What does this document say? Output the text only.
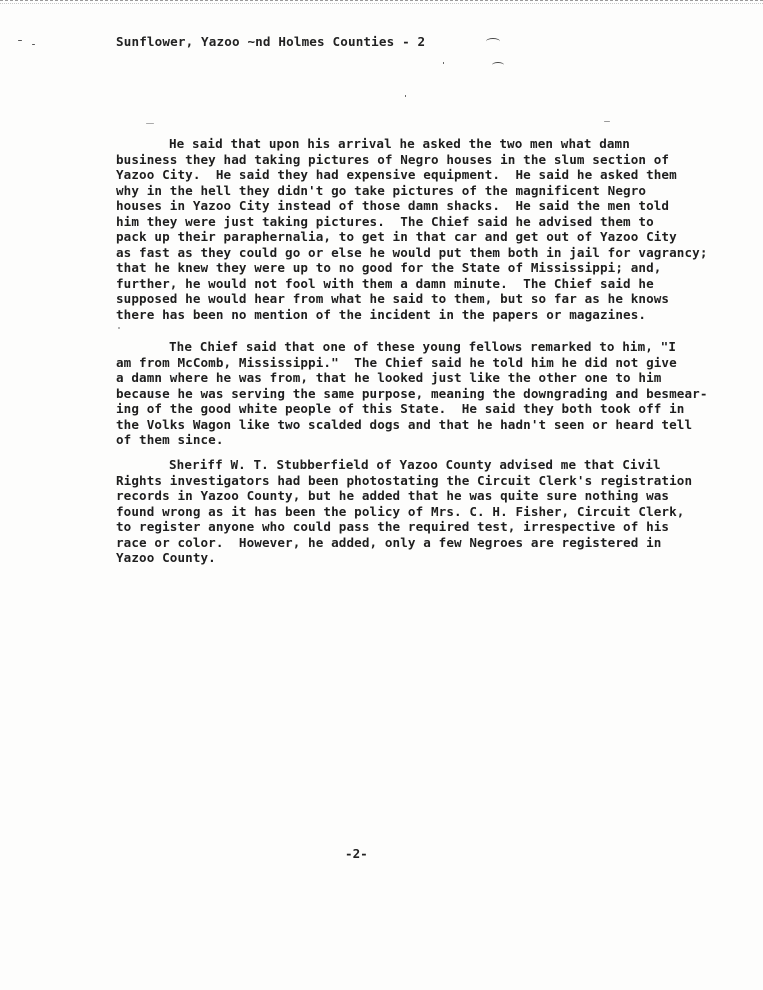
Sunflower, Yazoo ~nd Holmes Counties - 2
He said that upon his arrival he asked the two men what damn
business they had taking pictures of Negro houses in the slum section of
Yazoo City.  He said they had expensive equipment.  He said he asked them
why in the hell they didn't go take pictures of the magnificent Negro
houses in Yazoo City instead of those damn shacks.  He said the men told
him they were just taking pictures.  The Chief said he advised them to
pack up their paraphernalia, to get in that car and get out of Yazoo City
as fast as they could go or else he would put them both in jail for vagrancy;
that he knew they were up to no good for the State of Mississippi; and,
further, he would not fool with them a damn minute.  The Chief said he
supposed he would hear from what he said to them, but so far as he knows
there has been no mention of the incident in the papers or magazines.
The Chief said that one of these young fellows remarked to him, "I
am from McComb, Mississippi."  The Chief said he told him he did not give
a damn where he was from, that he looked just like the other one to him
because he was serving the same purpose, meaning the downgrading and besmear-
ing of the good white people of this State.  He said they both took off in
the Volks Wagon like two scalded dogs and that he hadn't seen or heard tell
of them since.
Sheriff W. T. Stubberfield of Yazoo County advised me that Civil
Rights investigators had been photostating the Circuit Clerk's registration
records in Yazoo County, but he added that he was quite sure nothing was
found wrong as it has been the policy of Mrs. C. H. Fisher, Circuit Clerk,
to register anyone who could pass the required test, irrespective of his
race or color.  However, he added, only a few Negroes are registered in
Yazoo County.
-2-
